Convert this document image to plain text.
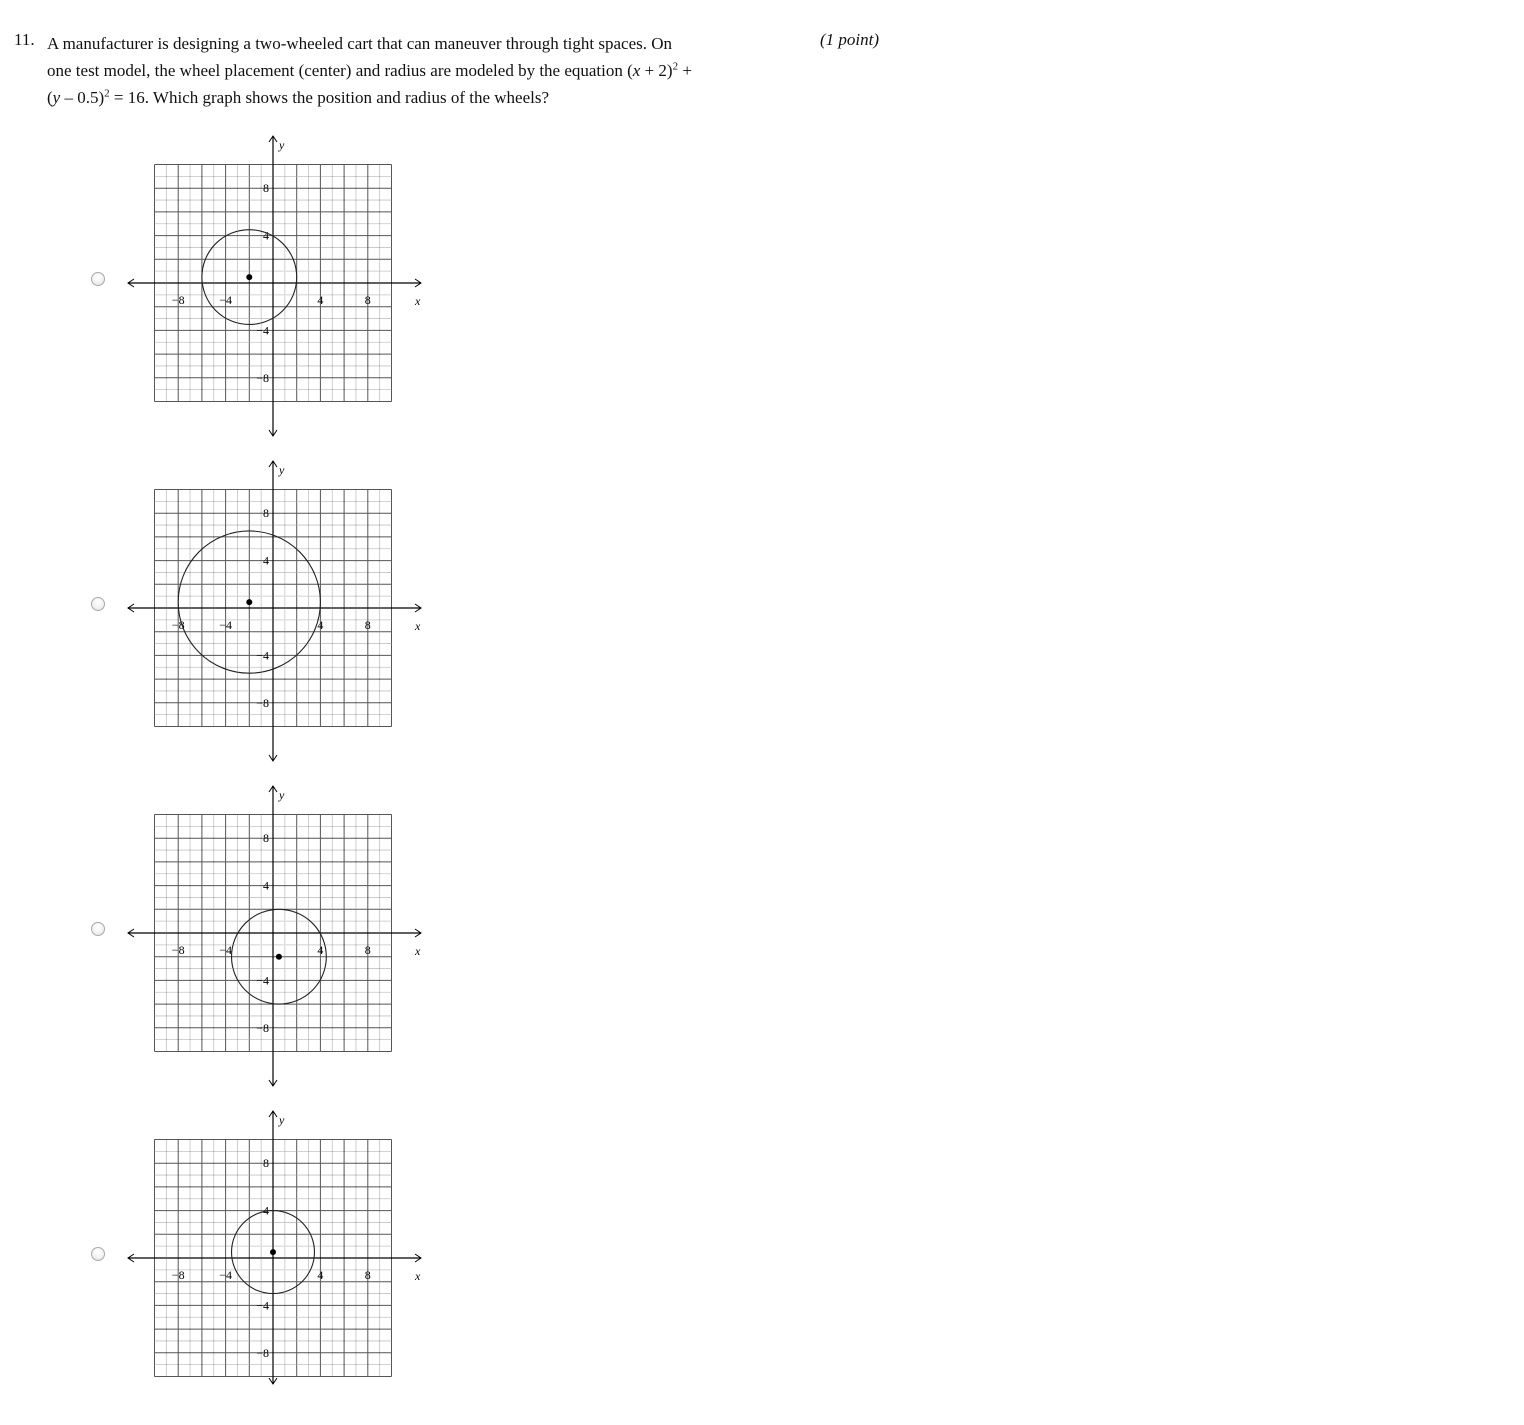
11. A manufacturer is designing a two-wheeled cart that can maneuver through tight spaces. On
one test model, the wheel placement (center) and radius are modeled by the equation $(x + 2)^2$ +
(y – 0.5)$^2$ = 16. Which graph shows the position and radius of the wheels?
(1 point)
x
y
−8	−4	4	8
8
4
−4
−8
x
y
−8	−4	4	8
8
4
−4
−8
x
y
−8	−4	4	8
8
4
−4
−8
x
y
−8	−4	4	8
8
4
−4
−8
